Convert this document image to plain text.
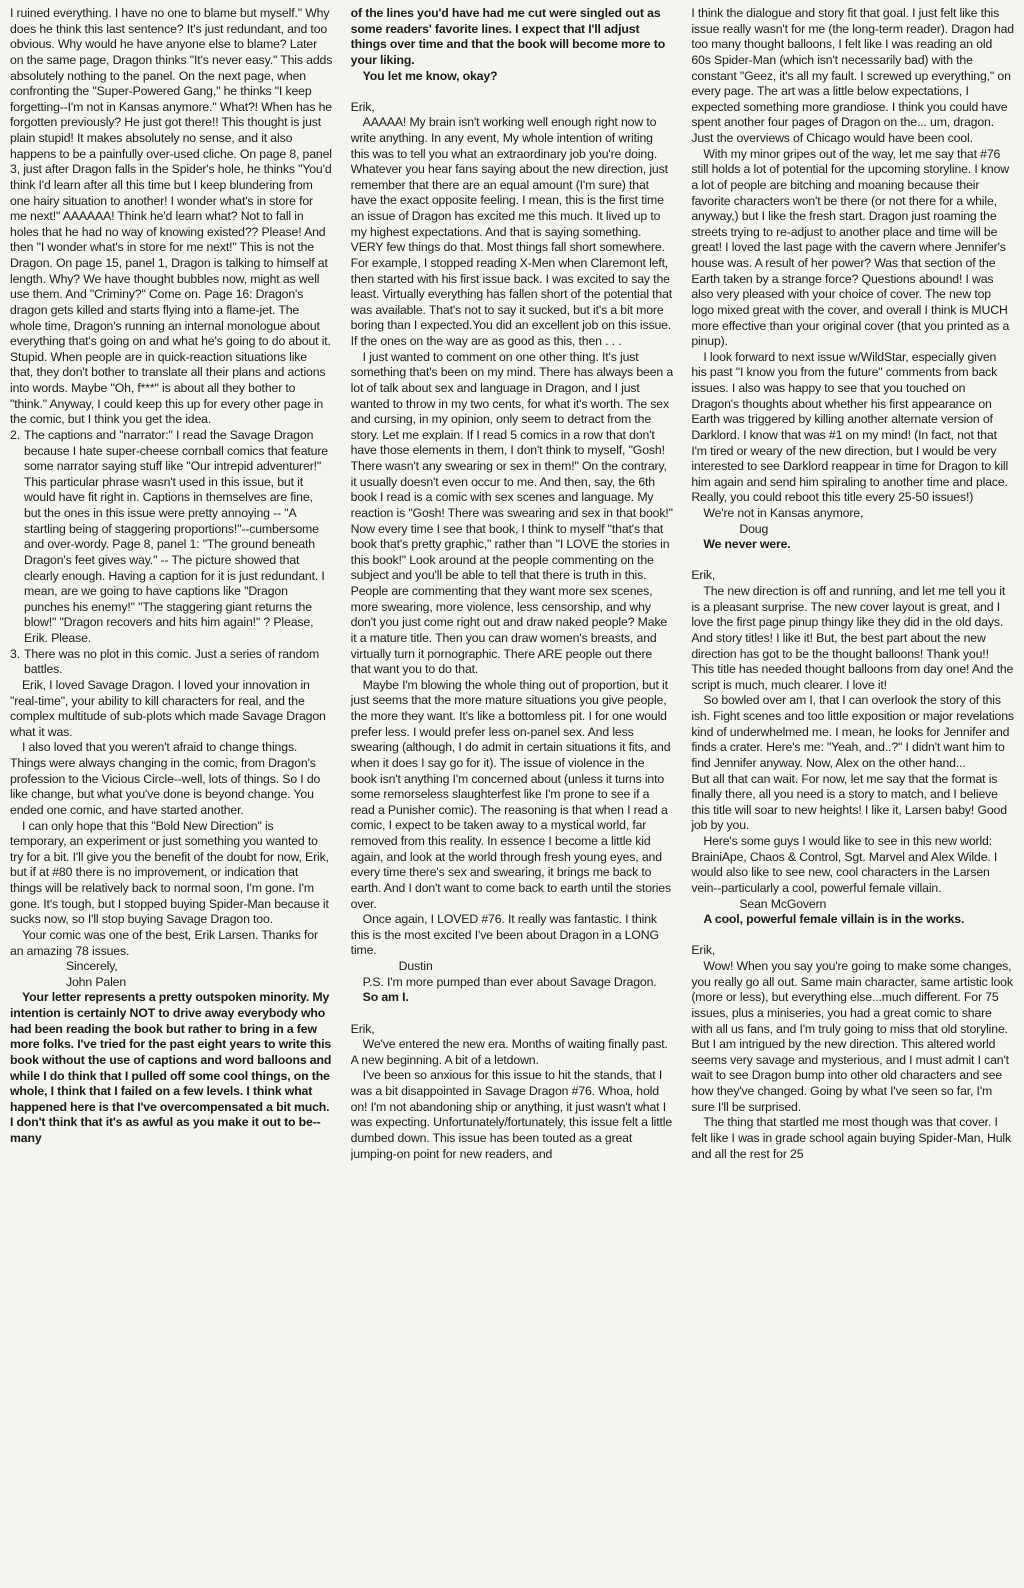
I ruined everything. I have no one to blame but myself." Why does he think this last sentence? It's just redundant, and too obvious. Why would he have anyone else to blame? Later on the same page, Dragon thinks "It's never easy." This adds absolutely nothing to the panel. On the next page, when confronting the "Super-Powered Gang," he thinks "I keep forgetting--I'm not in Kansas anymore." What?! When has he forgotten previously? He just got there!! This thought is just plain stupid! It makes absolutely no sense, and it also happens to be a painfully over-used cliche. On page 8, panel 3, just after Dragon falls in the Spider's hole, he thinks "You'd think I'd learn after all this time but I keep blundering from one hairy situation to another! I wonder what's in store for me next!" AAAAAA! Think he'd learn what? Not to fall in holes that he had no way of knowing existed?? Please! And then "I wonder what's in store for me next!" This is not the Dragon. On page 15, panel 1, Dragon is talking to himself at length. Why? We have thought bubbles now, might as well use them. And "Criminy?" Come on. Page 16: Dragon's dragon gets killed and starts flying into a flame-jet. The whole time, Dragon's running an internal monologue about everything that's going on and what he's going to do about it. Stupid. When people are in quick-reaction situations like that, they don't bother to translate all their plans and actions into words. Maybe "Oh, f***" is about all they bother to "think." Anyway, I could keep this up for every other page in the comic, but I think you get the idea.

2. The captions and "narrator:" I read the Savage Dragon because I hate super-cheese cornball comics that feature some narrator saying stuff like "Our intrepid adventurer!" This particular phrase wasn't used in this issue, but it would have fit right in. Captions in themselves are fine, but the ones in this issue were pretty annoying -- "A startling being of staggering proportions!"--cumbersome and over-wordy. Page 8, panel 1: "The ground beneath Dragon's feet gives way." -- The picture showed that clearly enough. Having a caption for it is just redundant. I mean, are we going to have captions like "Dragon punches his enemy!" "The staggering giant returns the blow!" "Dragon recovers and hits him again!" ? Please, Erik. Please.
3. There was no plot in this comic. Just a series of random battles.

Erik, I loved Savage Dragon. I loved your innovation in "real-time", your ability to kill characters for real, and the complex multitude of sub-plots which made Savage Dragon what it was.

I also loved that you weren't afraid to change things. Things were always changing in the comic, from Dragon's profession to the Vicious Circle--well, lots of things. So I do like change, but what you've done is beyond change. You ended one comic, and have started another.

I can only hope that this "Bold New Direction" is temporary, an experiment or just something you wanted to try for a bit. I'll give you the benefit of the doubt for now, Erik, but if at #80 there is no improvement, or indication that things will be relatively back to normal soon, I'm gone. I'm gone. It's tough, but I stopped buying Spider-Man because it sucks now, so I'll stop buying Savage Dragon too.

Your comic was one of the best, Erik Larsen. Thanks for an amazing 78 issues.

Sincerely,

John Palen

Your letter represents a pretty outspoken minority. My intention is certainly NOT to drive away everybody who had been reading the book but rather to bring in a few more folks. I've tried for the past eight years to write this book without the use of captions and word balloons and while I do think that I pulled off some cool things, on the whole, I think that I failed on a few levels. I think what happened here is that I've overcompensated a bit much. I don't think that it's as awful as you make it out to be--many

of the lines you'd have had me cut were singled out as some readers' favorite lines. I expect that I'll adjust things over time and that the book will become more to your liking.

You let me know, okay?

Erik,

AAAAA! My brain isn't working well enough right now to write anything. In any event, My whole intention of writing this was to tell you what an extraordinary job you're doing. Whatever you hear fans saying about the new direction, just remember that there are an equal amount (I'm sure) that have the exact opposite feeling. I mean, this is the first time an issue of Dragon has excited me this much. It lived up to my highest expectations. And that is saying something. VERY few things do that. Most things fall short somewhere. For example, I stopped reading X-Men when Claremont left, then started with his first issue back. I was excited to say the least. Virtually everything has fallen short of the potential that was available. That's not to say it sucked, but it's a bit more boring than I expected.You did an excellent job on this issue. If the ones on the way are as good as this, then . . .

I just wanted to comment on one other thing. It's just something that's been on my mind. There has always been a lot of talk about sex and language in Dragon, and I just wanted to throw in my two cents, for what it's worth. The sex and cursing, in my opinion, only seem to detract from the story. Let me explain. If I read 5 comics in a row that don't have those elements in them, I don't think to myself, "Gosh! There wasn't any swearing or sex in them!" On the contrary, it usually doesn't even occur to me. And then, say, the 6th book I read is a comic with sex scenes and language. My reaction is "Gosh! There was swearing and sex in that book!" Now every time I see that book, I think to myself "that's that book that's pretty graphic," rather than "I LOVE the stories in this book!" Look around at the people commenting on the subject and you'll be able to tell that there is truth in this. People are commenting that they want more sex scenes, more swearing, more violence, less censorship, and why don't you just come right out and draw naked people? Make it a mature title. Then you can draw women's breasts, and virtually turn it pornographic. There ARE people out there that want you to do that.

Maybe I'm blowing the whole thing out of proportion, but it just seems that the more mature situations you give people, the more they want. It's like a bottomless pit. I for one would prefer less. I would prefer less on-panel sex. And less swearing (although, I do admit in certain situations it fits, and when it does I say go for it). The issue of violence in the book isn't anything I'm concerned about (unless it turns into some remorseless slaughterfest like I'm prone to see if a read a Punisher comic). The reasoning is that when I read a comic, I expect to be taken away to a mystical world, far removed from this reality. In essence I become a little kid again, and look at the world through fresh young eyes, and every time there's sex and swearing, it brings me back to earth. And I don't want to come back to earth until the stories over.

Once again, I LOVED #76. It really was fantastic. I think this is the most excited I've been about Dragon in a LONG time.

Dustin

P.S. I'm more pumped than ever about Savage Dragon.

So am I.

Erik,

We've entered the new era. Months of waiting finally past. A new beginning. A bit of a letdown.

I've been so anxious for this issue to hit the stands, that I was a bit disappointed in Savage Dragon #76. Whoa, hold on! I'm not abandoning ship or anything, it just wasn't what I was expecting. Unfortunately/fortunately, this issue felt a little dumbed down. This issue has been touted as a great jumping-on point for new readers, and

I think the dialogue and story fit that goal. I just felt like this issue really wasn't for me (the long-term reader). Dragon had too many thought balloons, I felt like I was reading an old 60s Spider-Man (which isn't necessarily bad) with the constant "Geez, it's all my fault. I screwed up everything," on every page. The art was a little below expectations, I expected something more grandiose. I think you could have spent another four pages of Dragon on the... um, dragon. Just the overviews of Chicago would have been cool.

With my minor gripes out of the way, let me say that #76 still holds a lot of potential for the upcoming storyline. I know a lot of people are bitching and moaning because their favorite characters won't be there (or not there for a while, anyway,) but I like the fresh start. Dragon just roaming the streets trying to re-adjust to another place and time will be great! I loved the last page with the cavern where Jennifer's house was. A result of her power? Was that section of the Earth taken by a strange force? Questions abound! I was also very pleased with your choice of cover. The new top logo mixed great with the cover, and overall I think is MUCH more effective than your original cover (that you printed as a pinup).

I look forward to next issue w/WildStar, especially given his past "I know you from the future" comments from back issues. I also was happy to see that you touched on Dragon's thoughts about whether his first appearance on Earth was triggered by killing another alternate version of Darklord. I know that was #1 on my mind! (In fact, not that I'm tired or weary of the new direction, but I would be very interested to see Darklord reappear in time for Dragon to kill him again and send him spiraling to another time and place. Really, you could reboot this title every 25-50 issues!)

We're not in Kansas anymore,

Doug

We never were.

Erik,

The new direction is off and running, and let me tell you it is a pleasant surprise. The new cover layout is great, and I love the first page pinup thingy like they did in the old days. And story titles! I like it! But, the best part about the new direction has got to be the thought balloons! Thank you!! This title has needed thought balloons from day one! And the script is much, much clearer. I love it!

So bowled over am I, that I can overlook the story of this ish. Fight scenes and too little exposition or major revelations kind of underwhelmed me. I mean, he looks for Jennifer and finds a crater. Here's me: "Yeah, and..?" I didn't want him to find Jennifer anyway. Now, Alex on the other hand...

But all that can wait. For now, let me say that the format is finally there, all you need is a story to match, and I believe this title will soar to new heights! I like it, Larsen baby! Good job by you.

Here's some guys I would like to see in this new world: BrainiApe, Chaos & Control, Sgt. Marvel and Alex Wilde. I would also like to see new, cool characters in the Larsen vein--particularly a cool, powerful female villain.

Sean McGovern

A cool, powerful female villain is in the works.

Erik,

Wow! When you say you're going to make some changes, you really go all out. Same main character, same artistic look (more or less), but everything else...much different. For 75 issues, plus a miniseries, you had a great comic to share with all us fans, and I'm truly going to miss that old storyline. But I am intrigued by the new direction. This altered world seems very savage and mysterious, and I must admit I can't wait to see Dragon bump into other old characters and see how they've changed. Going by what I've seen so far, I'm sure I'll be surprised.

The thing that startled me most though was that cover. I felt like I was in grade school again buying Spider-Man, Hulk and all the rest for 25
